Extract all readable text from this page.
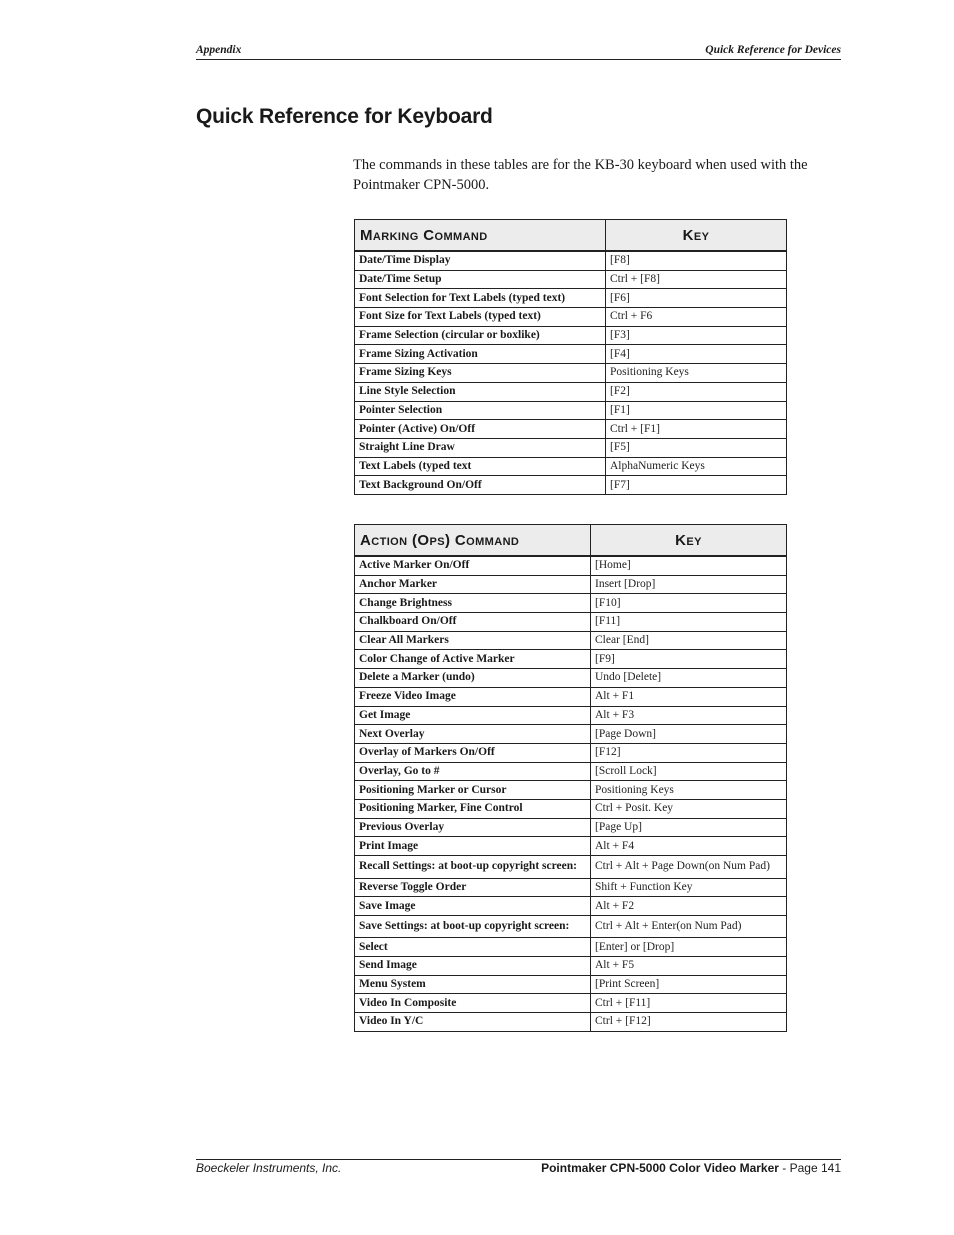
Appendix	Quick Reference for Devices
Quick Reference for Keyboard

The commands in these tables are for the KB-30 keyboard when used with the Pointmaker CPN-5000.

Marking Command	Key
Date/Time Display	[F8]
Date/Time Setup	Ctrl + [F8]
Font Selection for Text Labels (typed text)	[F6]
Font Size for Text Labels (typed text)	Ctrl + F6
Frame Selection (circular or boxlike)	[F3]
Frame Sizing Activation	[F4]
Frame Sizing Keys	Positioning Keys
Line Style Selection	[F2]
Pointer Selection	[F1]
Pointer (Active) On/Off	Ctrl + [F1]
Straight Line Draw	[F5]
Text Labels (typed text	AlphaNumeric Keys
Text Background On/Off	[F7]
Action (Ops) Command	Key
Active Marker On/Off	[Home]
Anchor Marker	Insert [Drop]
Change Brightness	[F10]
Chalkboard On/Off	[F11]
Clear All Markers	Clear [End]
Color Change of Active Marker	[F9]
Delete a Marker (undo)	Undo [Delete]
Freeze Video Image	Alt + F1
Get Image	Alt + F3
Next Overlay	[Page Down]
Overlay of Markers On/Off	[F12]
Overlay, Go to #	[Scroll Lock]
Positioning Marker or Cursor	Positioning Keys
Positioning Marker, Fine Control	Ctrl + Posit. Key
Previous Overlay	[Page Up]
Print Image	Alt + F4
Recall Settings: at boot-up copyright screen:	Ctrl + Alt + Page Down(on Num Pad)
Reverse Toggle Order	Shift + Function Key
Save Image	Alt + F2
Save Settings: at boot-up copyright screen:	Ctrl + Alt + Enter(on Num Pad)
Select	[Enter] or [Drop]
Send Image	Alt + F5
Menu System	[Print Screen]
Video In Composite	Ctrl + [F11]
Video In Y/C	Ctrl + [F12]
Boeckeler Instruments, Inc.	Pointmaker CPN-5000 Color Video Marker - Page 141
